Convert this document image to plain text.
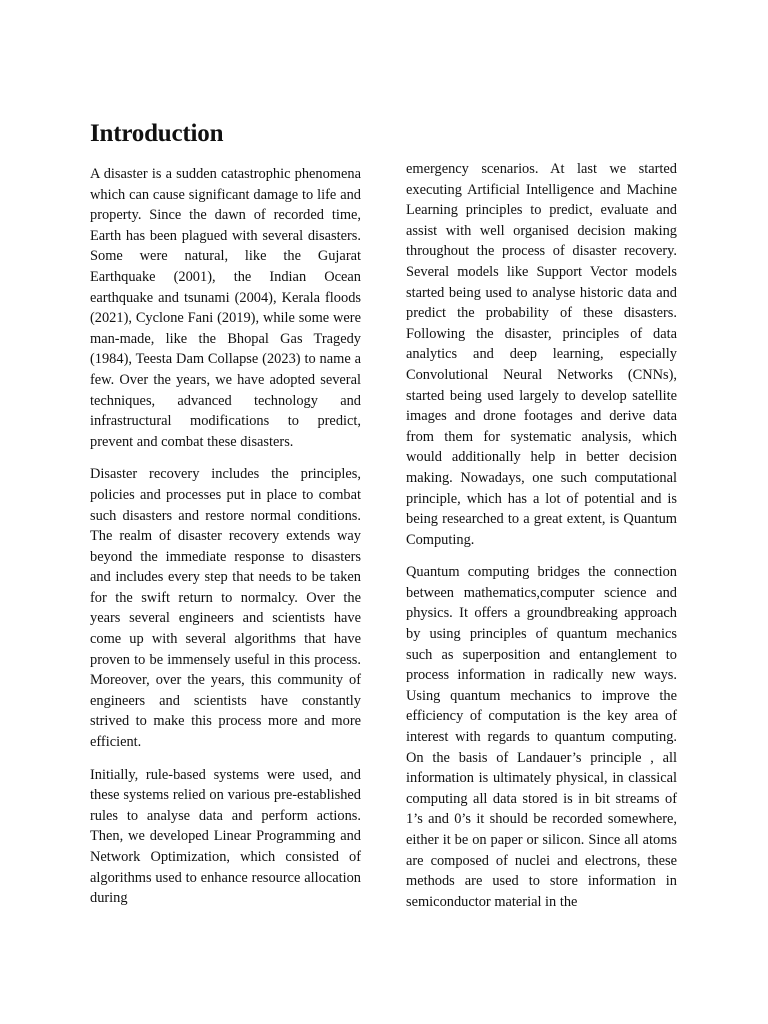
Introduction

A disaster is a sudden catastrophic phenomena which can cause significant damage to life and property. Since the dawn of recorded time, Earth has been plagued with several disasters. Some were natural, like the Gujarat Earthquake (2001), the Indian Ocean earthquake and tsunami (2004), Kerala floods (2021), Cyclone Fani (2019), while some were man-made, like the Bhopal Gas Tragedy (1984), Teesta Dam Collapse (2023) to name a few. Over the years, we have adopted several techniques, advanced technology and infrastructural modifications to predict, prevent and combat these disasters.

Disaster recovery includes the principles, policies and processes put in place to combat such disasters and restore normal conditions. The realm of disaster recovery extends way beyond the immediate response to disasters and includes every step that needs to be taken for the swift return to normalcy. Over the years several engineers and scientists have come up with several algorithms that have proven to be immensely useful in this process. Moreover, over the years, this community of engineers and scientists have constantly strived to make this process more and more efficient.

Initially, rule-based systems were used, and these systems relied on various pre-established rules to analyse data and perform actions. Then, we developed Linear Programming and Network Optimization, which consisted of algorithms used to enhance resource allocation during

emergency scenarios. At last we started executing Artificial Intelligence and Machine Learning principles to predict, evaluate and assist with well organised decision making throughout the process of disaster recovery. Several models like Support Vector models started being used to analyse historic data and predict the probability of these disasters. Following the disaster, principles of data analytics and deep learning, especially Convolutional Neural Networks (CNNs), started being used largely to develop satellite images and drone footages and derive data from them for systematic analysis, which would additionally help in better decision making. Nowadays, one such computational principle, which has a lot of potential and is being researched to a great extent, is Quantum Computing.

Quantum computing bridges the connection between mathematics,computer science and physics. It offers a groundbreaking approach by using principles of quantum mechanics such as superposition and entanglement to process information in radically new ways. Using quantum mechanics to improve the efficiency of computation is the key area of interest with regards to quantum computing. On the basis of Landauer’s principle , all information is ultimately physical, in classical computing all data stored is in bit streams of 1’s and 0’s it should be recorded somewhere, either it be on paper or silicon. Since all atoms are composed of nuclei and electrons, these methods are used to store information in semiconductor material in the
